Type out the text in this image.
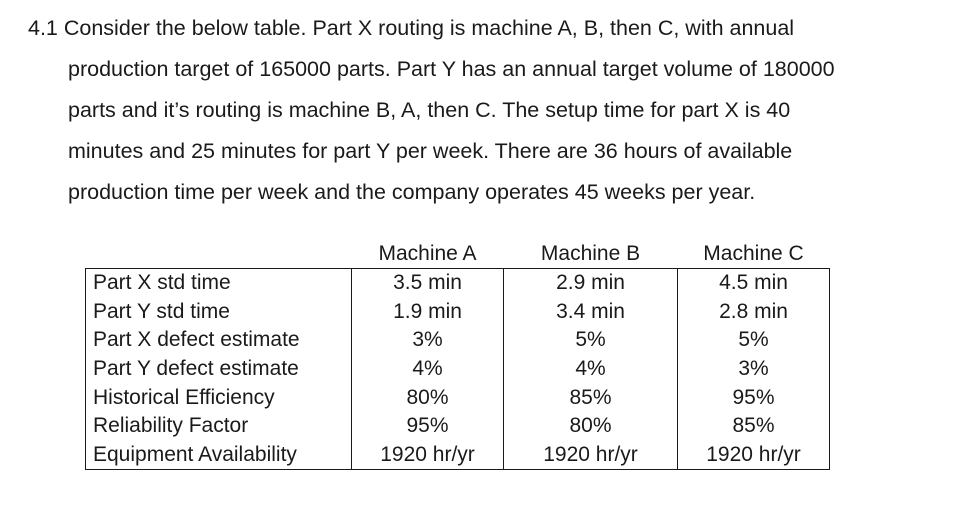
4.1 Consider the below table. Part X routing is machine A, B, then C, with annual
production target of 165000 parts. Part Y has an annual target volume of 180000
parts and it’s routing is machine B, A, then C. The setup time for part X is 40
minutes and 25 minutes for part Y per week. There are 36 hours of available
production time per week and the company operates 45 weeks per year.
	Machine A	Machine B	Machine C
Part X std time	3.5 min	2.9 min	4.5 min
Part Y std time	1.9 min	3.4 min	2.8 min
Part X defect estimate	3%	5%	5%
Part Y defect estimate	4%	4%	3%
Historical Efficiency	80%	85%	95%
Reliability Factor	95%	80%	85%
Equipment Availability	1920 hr/yr	1920 hr/yr	1920 hr/yr
